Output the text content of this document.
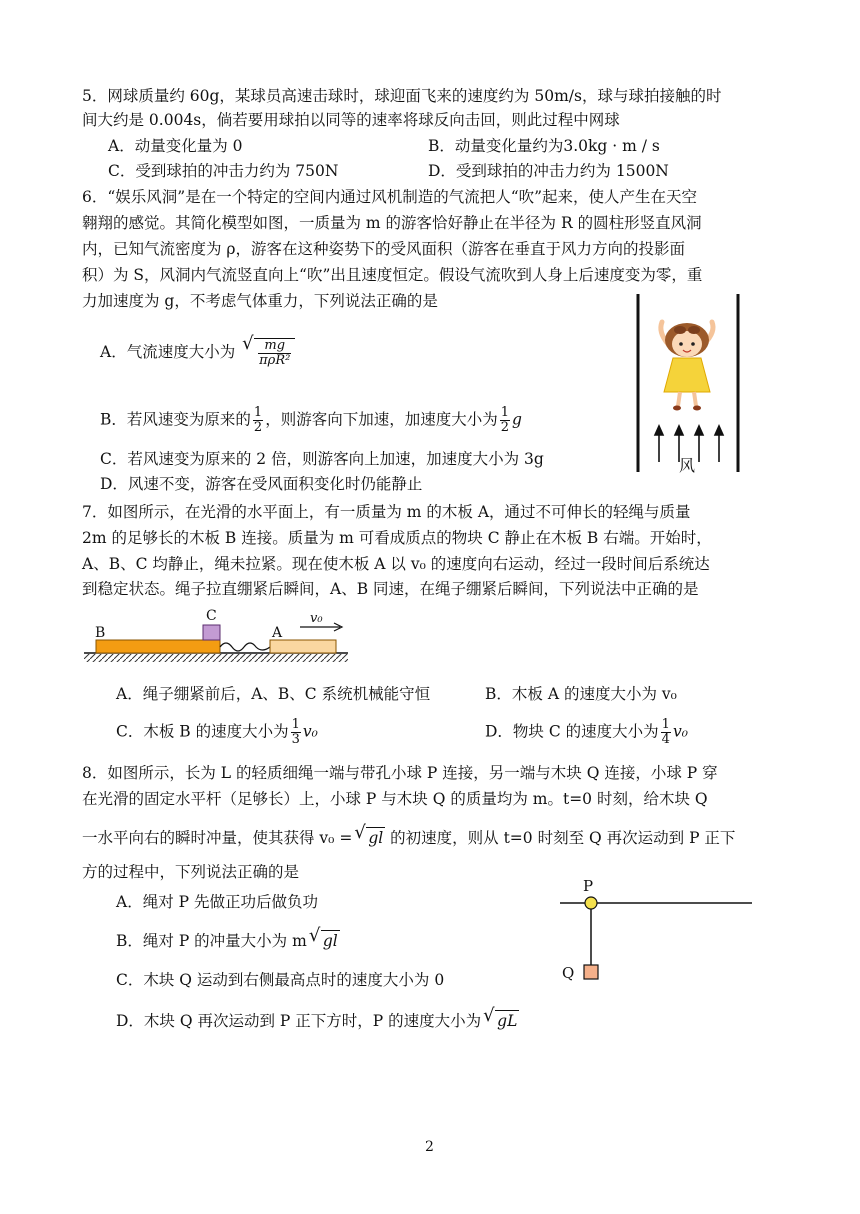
5．网球质量约 60g，某球员高速击球时，球迎面飞来的速度约为 50m/s，球与球拍接触的时
间大约是 0.004s，倘若要用球拍以同等的速率将球反向击回，则此过程中网球
A．动量变化量为 0	B．动量变化量约为3.0kg · m / s
C．受到球拍的冲击力约为 750N	D．受到球拍的冲击力约为 1500N
6．“娱乐风洞”是在一个特定的空间内通过风机制造的气流把人“吹”起来，使人产生在天空
翱翔的感觉。其简化模型如图，一质量为 m 的游客恰好静止在半径为 R 的圆柱形竖直风洞
内，已知气流密度为 ρ，游客在这种姿势下的受风面积（游客在垂直于风力方向的投影面
积）为 S，风洞内气流竖直向上“吹”出且速度恒定。假设气流吹到人身上后速度变为零，重
力加速度为 g，不考虑气体重力，下列说法正确的是
A．气流速度大小为 √ $\frac{mg}{\text{πρR²}}$
B．若风速变为原来的 $\frac{1}{2}$ ，则游客向下加速，加速度大小为 $\frac{1}{2}$ g
C．若风速变为原来的 2 倍，则游客向上加速，加速度大小为 3g
D．风速不变，游客在受风面积变化时仍能静止
风
7．如图所示，在光滑的水平面上，有一质量为 m 的木板 A，通过不可伸长的轻绳与质量
2m 的足够长的木板 B 连接。质量为 m 可看成质点的物块 C 静止在木板 B 右端。开始时，
A、B、C 均静止，绳未拉紧。现在使木板 A 以 v₀ 的速度向右运动，经过一段时间后系统达
到稳定状态。绳子拉直绷紧后瞬间，A、B 同速，在绳子绷紧后瞬间，下列说法中正确的是
B
C
A
v₀
A．绳子绷紧前后，A、B、C 系统机械能守恒	B．木板 A 的速度大小为 v₀
C．木板 B 的速度大小为 $\frac{1}{3} v_0$	D．物块 C 的速度大小为 $\frac{1}{4} v_0$
8．如图所示，长为 L 的轻质细绳一端与带孔小球 P 连接，另一端与木块 Q 连接，小球 P 穿
在光滑的固定水平杆（足够长）上，小球 P 与木块 Q 的质量均为 m。t=0 时刻，给木块 Q
一水平向右的瞬时冲量，使其获得 v₀ = √ gl 的初速度，则从 t=0 时刻至 Q 再次运动到 P 正下
方的过程中，下列说法正确的是
A．绳对 P 先做正功后做负功
B．绳对 P 的冲量大小为 m √ gl
C．木块 Q 运动到右侧最高点时的速度大小为 0
D．木块 Q 再次运动到 P 正下方时，P 的速度大小为 √ gL
P
Q
2
